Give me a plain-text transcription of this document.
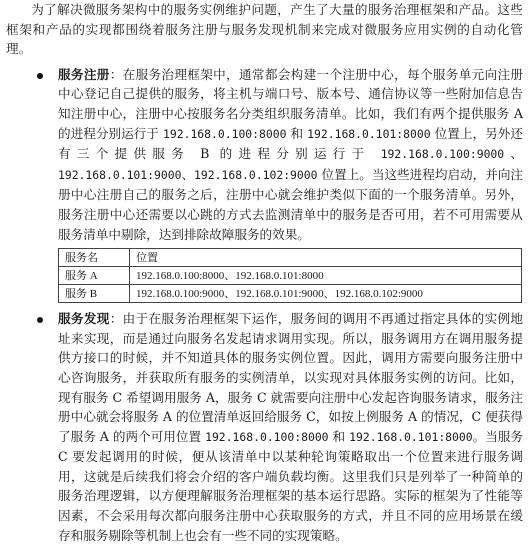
为了解决微服务架构中的服务实例维护问题，产生了大量的服务治理框架和产品。这些框架和产品的实现都围绕着服务注册与服务发现机制来完成对微服务应用实例的自动化管理。

服务注册：在服务治理框架中，通常都会构建一个注册中心，每个服务单元向注册中心登记自己提供的服务，将主机与端口号、版本号、通信协议等一些附加信息告知注册中心，注册中心按服务名分类组织服务清单。比如，我们有两个提供服务 A 的进程分别运行于 192.168.0.100:8000 和 192.168.0.101:8000 位置上，另外还有三个提供服务 B 的进程分别运行于 192.168.0.100:9000、192.168.0.101:9000、192.168.0.102:9000 位置上。当这些进程均启动，并向注册中心注册自己的服务之后，注册中心就会维护类似下面的一个服务清单。另外，服务注册中心还需要以心跳的方式去监测清单中的服务是否可用，若不可用需要从服务清单中剔除，达到排除故障服务的效果。
服务名	位置
服务 A	192.168.0.100:8000、192.168.0.101:8000
服务 B	192.168.0.100:9000、192.168.0.101:9000、192.168.0.102:9000
服务发现：由于在服务治理框架下运作，服务间的调用不再通过指定具体的实例地址来实现，而是通过向服务名发起请求调用实现。所以，服务调用方在调用服务提供方接口的时候，并不知道具体的服务实例位置。因此，调用方需要向服务注册中心咨询服务，并获取所有服务的实例清单，以实现对具体服务实例的访问。比如，现有服务 C 希望调用服务 A，服务 C 就需要向注册中心发起咨询服务请求，服务注册中心就会将服务 A 的位置清单返回给服务 C，如按上例服务 A 的情况，C 便获得了服务 A 的两个可用位置 192.168.0.100:8000 和 192.168.0.101:8000。当服务 C 要发起调用的时候，便从该清单中以某种轮询策略取出一个位置来进行服务调用，这就是后续我们将会介绍的客户端负载均衡。这里我们只是列举了一种简单的服务治理逻辑，以方便理解服务治理框架的基本运行思路。实际的框架为了性能等因素，不会采用每次都向服务注册中心获取服务的方式，并且不同的应用场景在缓存和服务剔除等机制上也会有一些不同的实现策略。
